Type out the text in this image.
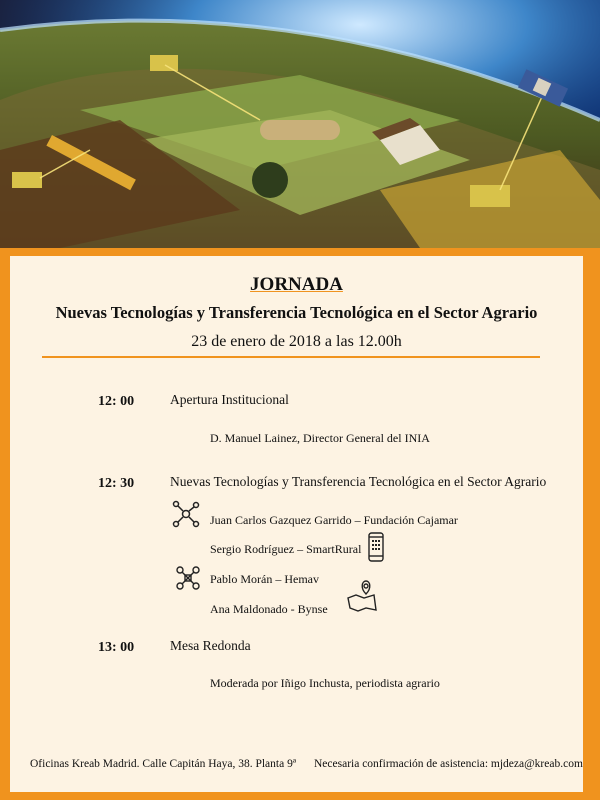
JORNADA
Nuevas Tecnologías y Transferencia Tecnológica en el Sector Agrario
23 de enero de 2018 a las 12.00h
12: 00	Apertura Institucional
D. Manuel Lainez, Director General del INIA
12: 30	Nuevas Tecnologías y Transferencia Tecnológica en el Sector Agrario
Juan Carlos Gazquez Garrido – Fundación Cajamar
Sergio Rodríguez – SmartRural
Pablo Morán – Hemav
Ana Maldonado - Bynse
13: 00	Mesa Redonda
Moderada por Iñigo Inchusta, periodista agrario
Oficinas Kreab Madrid. Calle Capitán Haya, 38. Planta 9ª Necesaria confirmación de asistencia: mjdeza@kreab.com
